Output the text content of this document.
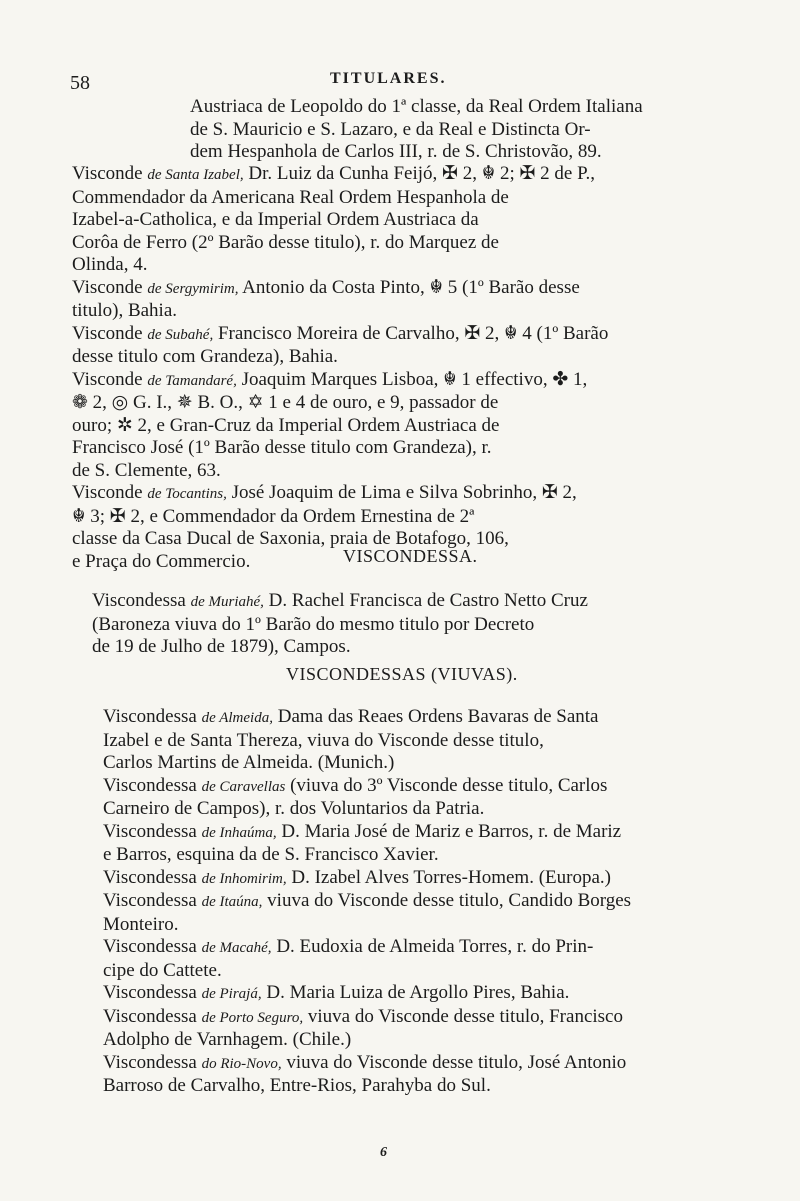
58	TITULARES.
Austriaca de Leopoldo do 1ª classe, da Real Ordem Italiana
de S. Mauricio e S. Lazaro, e da Real e Distincta Or-
dem Hespanhola de Carlos III, r. de S. Christovão, 89.
Visconde de Santa Izabel, Dr. Luiz da Cunha Feijó, ✠ 2, ☬ 2; ✠ 2 de P.,
Commendador da Americana Real Ordem Hespanhola de
Izabel-a-Catholica, e da Imperial Ordem Austriaca da
Corôa de Ferro (2º Barão desse titulo), r. do Marquez de
Olinda, 4.
Visconde de Sergymirim, Antonio da Costa Pinto, ☬ 5 (1º Barão desse
titulo), Bahia.
Visconde de Subahé, Francisco Moreira de Carvalho, ✠ 2, ☬ 4 (1º Barão
desse titulo com Grandeza), Bahia.
Visconde de Tamandaré, Joaquim Marques Lisboa, ☬ 1 effectivo, ✤ 1,
❁ 2, ◎ G. I., ✵ B. O., ✡ 1 e 4 de ouro, e 9, passador de
ouro; ✲ 2, e Gran-Cruz da Imperial Ordem Austriaca de
Francisco José (1º Barão desse titulo com Grandeza), r.
de S. Clemente, 63.
Visconde de Tocantins, José Joaquim de Lima e Silva Sobrinho, ✠ 2,
☬ 3; ✠ 2, e Commendador da Ordem Ernestina de 2ª
classe da Casa Ducal de Saxonia, praia de Botafogo, 106,
e Praça do Commercio.	VISCONDESSA.
Viscondessa de Muriahé, D. Rachel Francisca de Castro Netto Cruz
(Baroneza viuva do 1º Barão do mesmo titulo por Decreto
de 19 de Julho de 1879), Campos.
VISCONDESSAS (VIUVAS).
Viscondessa de Almeida, Dama das Reaes Ordens Bavaras de Santa
Izabel e de Santa Thereza, viuva do Visconde desse titulo,
Carlos Martins de Almeida. (Munich.)
Viscondessa de Caravellas (viuva do 3º Visconde desse titulo, Carlos
Carneiro de Campos), r. dos Voluntarios da Patria.
Viscondessa de Inhaúma, D. Maria José de Mariz e Barros, r. de Mariz
e Barros, esquina da de S. Francisco Xavier.
Viscondessa de Inhomirim, D. Izabel Alves Torres-Homem. (Europa.)
Viscondessa de Itaúna, viuva do Visconde desse titulo, Candido Borges
Monteiro.
Viscondessa de Macahé, D. Eudoxia de Almeida Torres, r. do Prin-
cipe do Cattete.
Viscondessa de Pirajá, D. Maria Luiza de Argollo Pires, Bahia.
Viscondessa de Porto Seguro, viuva do Visconde desse titulo, Francisco
Adolpho de Varnhagem. (Chile.)
Viscondessa do Rio-Novo, viuva do Visconde desse titulo, José Antonio
Barroso de Carvalho, Entre-Rios, Parahyba do Sul.
6
